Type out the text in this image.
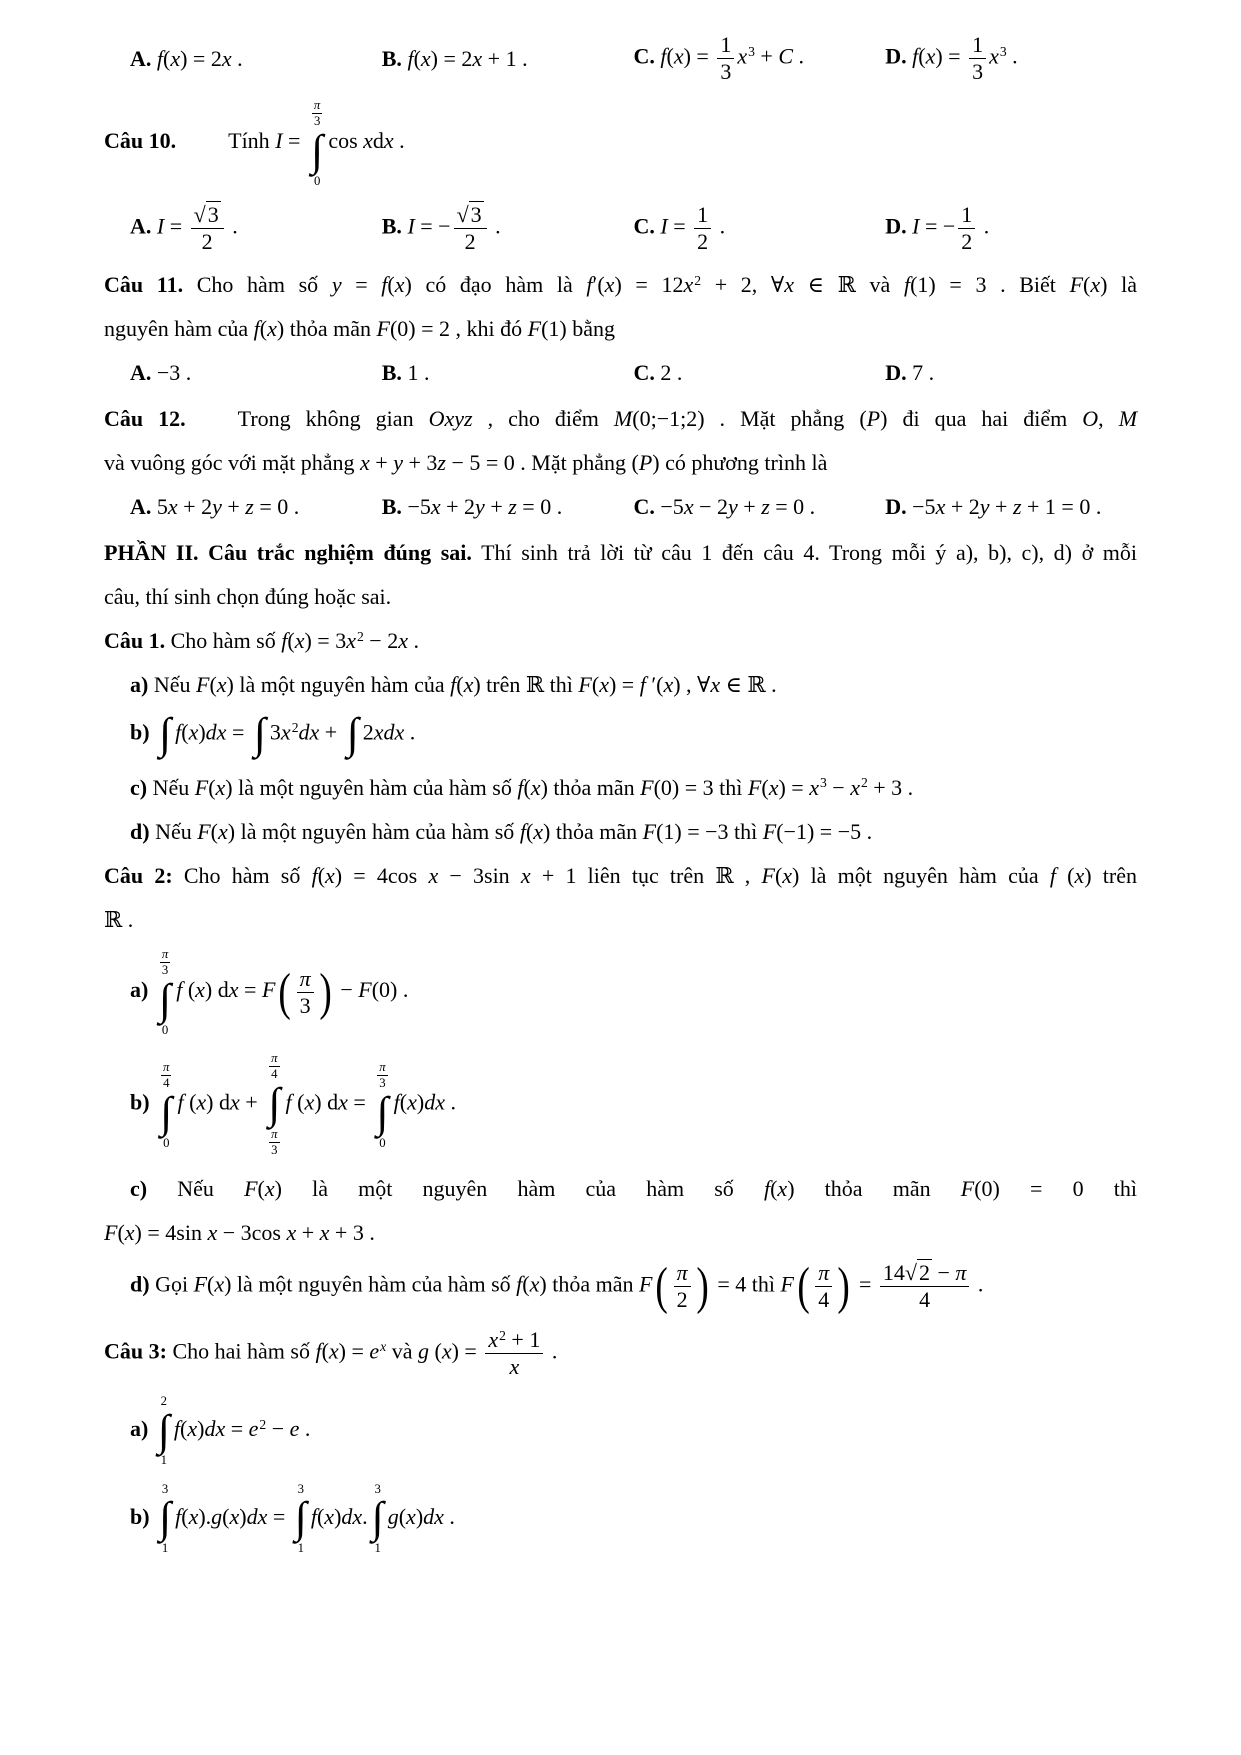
A. f(x) = 2x .	B. f(x) = 2x + 1 .	C. $f(x) = \frac{1}{3} x^3 + C$ .	D. $f(x) = \frac{1}{3} x^3$ .
Câu 10. Tính I =
$\frac{\pi}{3}$
∫
0
cos xdx .
A. $I = \frac{√3}{2}$ .	B. I = − $\frac{√3}{2}$ .	C. $I = \frac{1}{2}$ .	D. I = − $\frac{1}{2}$ .
Câu 11. Cho hàm số y = f(x) có đạo hàm là $f'(x) = 12x^2 + 2$, ∀x ∈ ℝ và f(1) = 3 . Biết F(x) là
nguyên hàm của f(x) thỏa mãn F(0) = 2 , khi đó F(1) bằng
A. −3 .	B. 1 .	C. 2 .	D. 7 .
Câu 12. Trong không gian Oxyz , cho điểm M(0;−1;2) . Mặt phẳng (P) đi qua hai điểm O, M
và vuông góc với mặt phẳng x + y + 3z − 5 = 0 . Mặt phẳng (P) có phương trình là
A. 5x + 2y + z = 0 .	B. −5x + 2y + z = 0 .	C. −5x − 2y + z = 0 .	D. −5x + 2y + z + 1 = 0 .
PHẦN II. Câu trắc nghiệm đúng sai. Thí sinh trả lời từ câu 1 đến câu 4. Trong mỗi ý a), b), c), d) ở mỗi
câu, thí sinh chọn đúng hoặc sai.
Câu 1. Cho hàm số $f(x) = 3x^2 - 2x$ .
a) Nếu F(x) là một nguyên hàm của f(x) trên ℝ thì F(x) = f ′(x) , ∀x ∈ ℝ .
b) ∫ f(x)dx = ∫ $3x^2dx$ + ∫ 2xdx .
c) Nếu F(x) là một nguyên hàm của hàm số f(x) thỏa mãn F(0) = 3 thì $F(x) = x^3 - x^2 + 3$ .
d) Nếu F(x) là một nguyên hàm của hàm số f(x) thỏa mãn F(1) = −3 thì F(−1) = −5 .
Câu 2: Cho hàm số f(x) = 4cos x − 3sin x + 1 liên tục trên ℝ , F(x) là một nguyên hàm của f (x) trên
ℝ .
a)
$\frac{\pi}{3}$
∫
0
f (x) dx = F ( $\frac{\pi}{3}$ ) − F(0) .
b)
$\frac{\pi}{4}$
∫
0
f (x) dx +
$\frac{\pi}{4}$
∫
$\frac{\pi}{3}$
f (x) dx =
$\frac{\pi}{3}$
∫
0
f(x)dx .
c) Nếu F(x) là một nguyên hàm của hàm số f(x) thỏa mãn F(0) = 0 thì
F(x) = 4sin x − 3cos x + x + 3 .
d) Gọi F(x) là một nguyên hàm của hàm số f(x) thỏa mãn F ( $\frac{\pi}{2}$ ) = 4 thì F ( $\frac{\pi}{4}$ ) = $\frac{14√2 - \pi}{4}$ .
Câu 3: Cho hai hàm số $f(x) = e^x$ và g $(x) = \frac{x^2 + 1}{x}$ .
a)
2
∫
1
$f(x)dx = e^2 - e$ .
b)
3
∫
1
f(x).g(x)dx =
3
∫
1
f(x)dx.
3
∫
1
g(x)dx .
